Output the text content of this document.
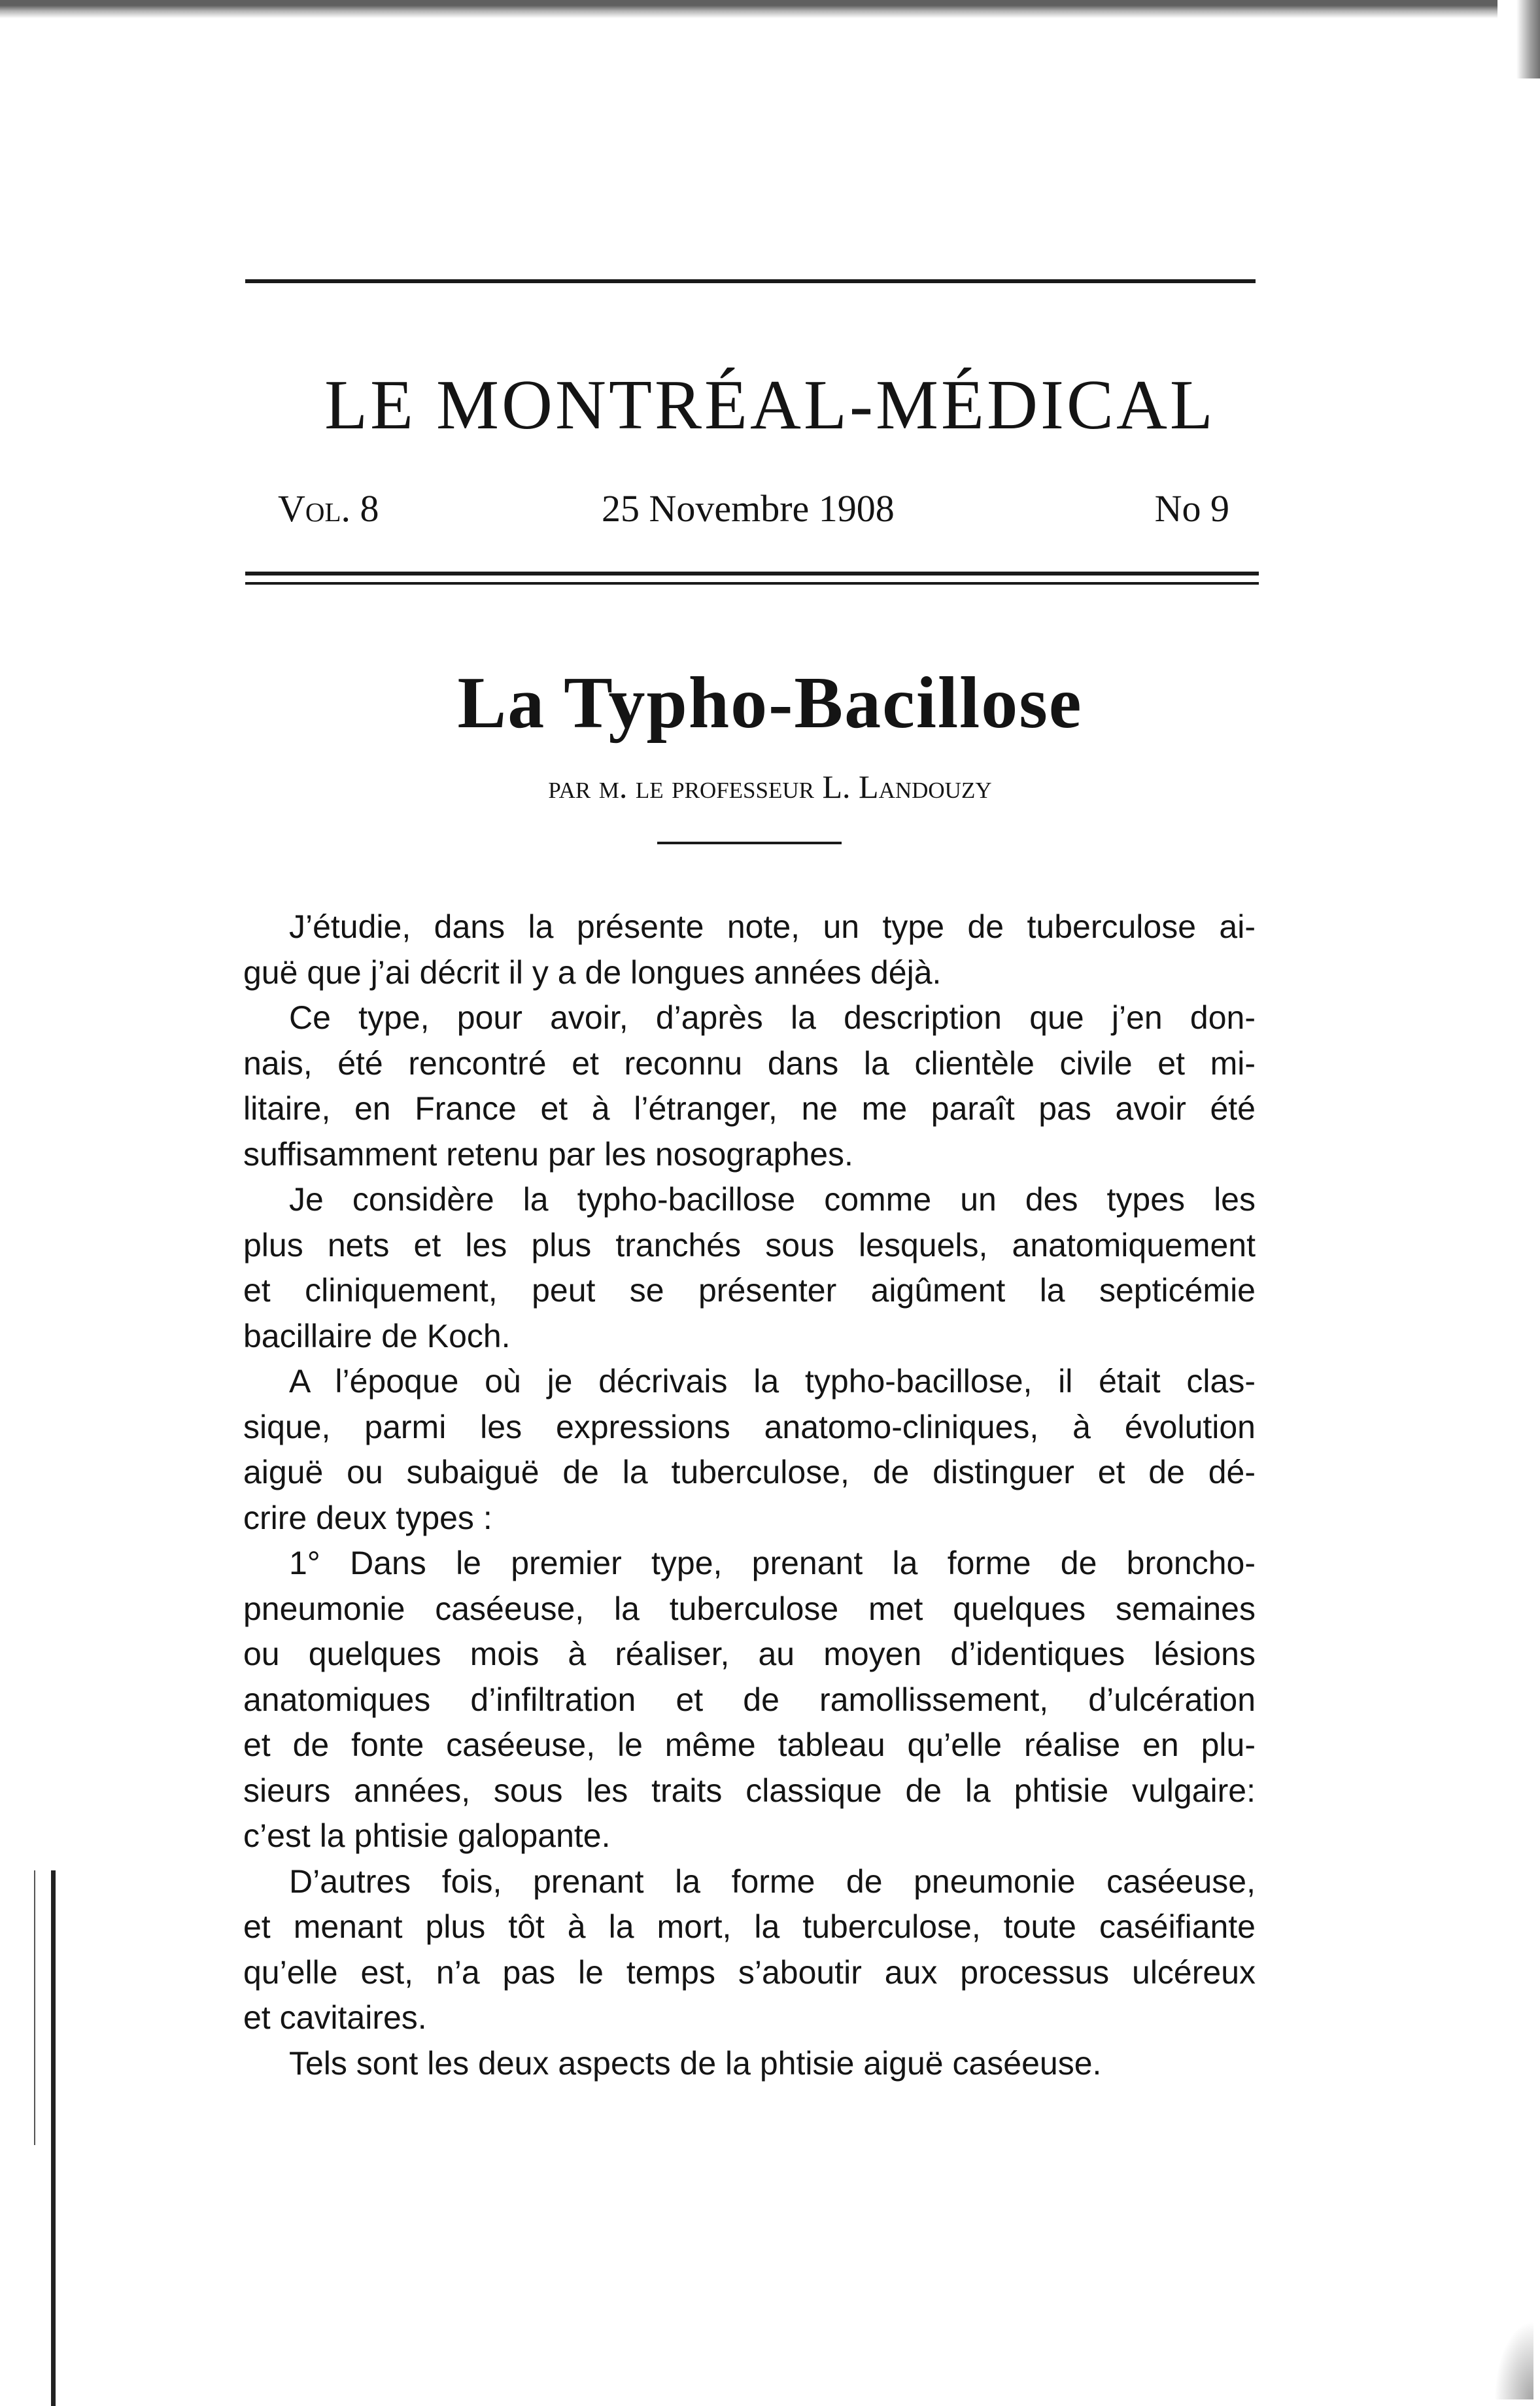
LE MONTRÉAL-MÉDICAL
Vol. 8	25 Novembre 1908	No 9
La Typho-Bacillose
par m. le professeur L. Landouzy
J’étudie, dans la présente note, un type de tuberculose ai-
guë que j’ai décrit il y a de longues années déjà.
Ce type, pour avoir, d’après la description que j’en don-
nais, été rencontré et reconnu dans la clientèle civile et mi-
litaire, en France et à l’étranger, ne me paraît pas avoir été
suffisamment retenu par les nosographes.
Je considère la typho-bacillose comme un des types les
plus nets et les plus tranchés sous lesquels, anatomiquement
et cliniquement, peut se présenter aigûment la septicémie
bacillaire de Koch.
A l’époque où je décrivais la typho-bacillose, il était clas-
sique, parmi les expressions anatomo-cliniques, à évolution
aiguë ou subaiguë de la tuberculose, de distinguer et de dé-
crire deux types :
1° Dans le premier type, prenant la forme de broncho-
pneumonie caséeuse, la tuberculose met quelques semaines
ou quelques mois à réaliser, au moyen d’identiques lésions
anatomiques d’infiltration et de ramollissement, d’ulcération
et de fonte caséeuse, le même tableau qu’elle réalise en plu-
sieurs années, sous les traits classique de la phtisie vulgaire:
c’est la phtisie galopante.
D’autres fois, prenant la forme de pneumonie caséeuse,
et menant plus tôt à la mort, la tuberculose, toute caséifiante
qu’elle est, n’a pas le temps s’aboutir aux processus ulcéreux
et cavitaires.
Tels sont les deux aspects de la phtisie aiguë caséeuse.
